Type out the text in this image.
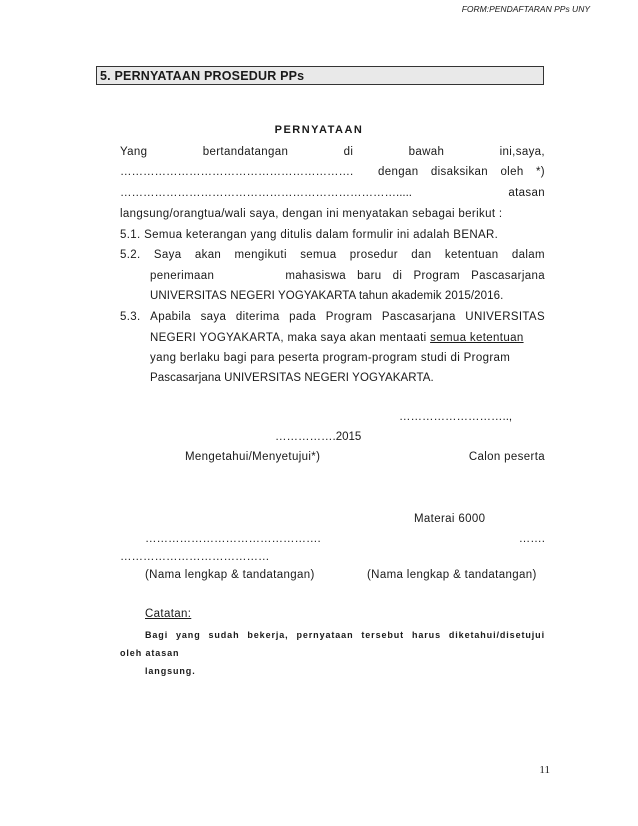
FORM:PENDAFTARAN PPs UNY
5. PERNYATAAN PROSEDUR PPs
PERNYATAAN
Yang	bertandatangan	di	bawah	ini,saya,
……………………………………………………. dengan disaksikan oleh *)
……………………………………………………………….....	atasan
langsung/orangtua/wali saya, dengan ini menyatakan sebagai berikut :
5.1. Semua keterangan yang ditulis dalam formulir ini adalah BENAR.
5.2. Saya akan mengikuti semua prosedur dan ketentuan dalam
penerimaan	mahasiswa baru di Program Pascasarjana
UNIVERSITAS NEGERI YOGYAKARTA tahun akademik 2015/2016.
5.3. Apabila saya diterima pada Program Pascasarjana UNIVERSITAS
NEGERI YOGYAKARTA, maka saya akan mentaati semua ketentuan
yang berlaku bagi para peserta program-program studi di Program
Pascasarjana UNIVERSITAS NEGERI YOGYAKARTA.
………………………..,
…………….2015
Mengetahui/Menyetujui*)	Calon peserta
Materai 6000
……………………………………….	…….
…………………………………
(Nama lengkap & tandatangan)	(Nama lengkap & tandatangan)
Catatan:
Bagi yang sudah bekerja, pernyataan tersebut harus diketahui/disetujui
oleh atasan
langsung.
11
